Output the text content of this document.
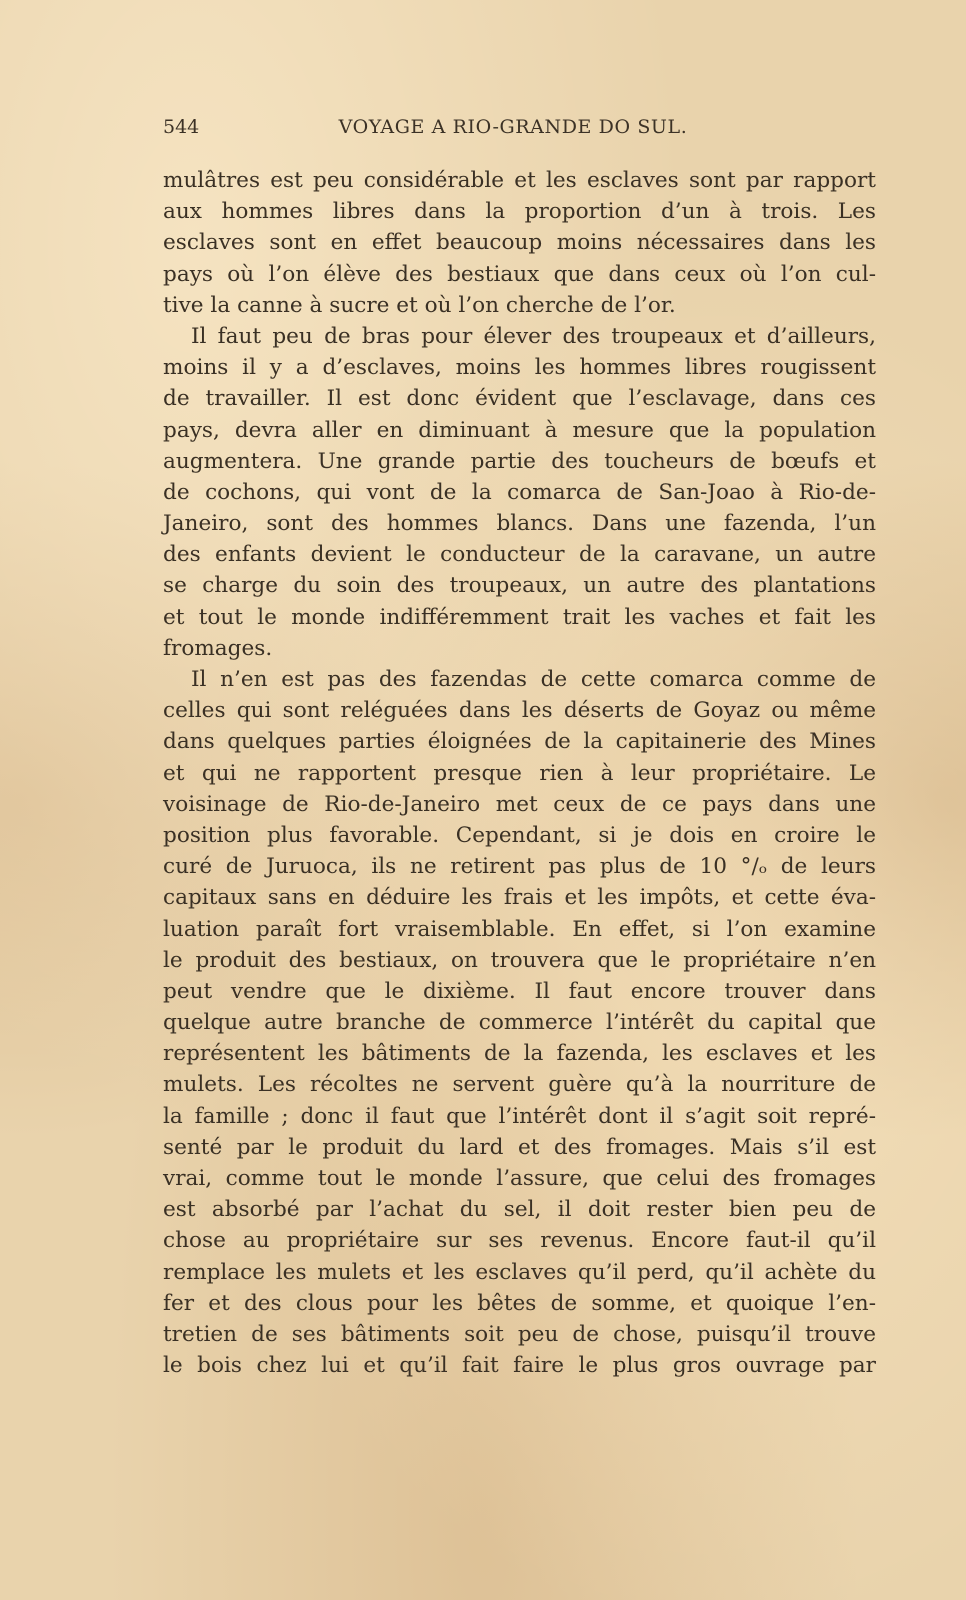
544	VOYAGE A RIO-GRANDE DO SUL.
mulâtres est peu considérable et les esclaves sont par rapport
aux hommes libres dans la proportion d’un à trois. Les
esclaves sont en effet beaucoup moins nécessaires dans les
pays où l’on élève des bestiaux que dans ceux où l’on cul-
tive la canne à sucre et où l’on cherche de l’or.
Il faut peu de bras pour élever des troupeaux et d’ailleurs,
moins il y a d’esclaves, moins les hommes libres rougissent
de travailler. Il est donc évident que l’esclavage, dans ces
pays, devra aller en diminuant à mesure que la population
augmentera. Une grande partie des toucheurs de bœufs et
de cochons, qui vont de la comarca de San-Joao à Rio-de-
Janeiro, sont des hommes blancs. Dans une fazenda, l’un
des enfants devient le conducteur de la caravane, un autre
se charge du soin des troupeaux, un autre des plantations
et tout le monde indifféremment trait les vaches et fait les
fromages.
Il n’en est pas des fazendas de cette comarca comme de
celles qui sont reléguées dans les déserts de Goyaz ou même
dans quelques parties éloignées de la capitainerie des Mines
et qui ne rapportent presque rien à leur propriétaire. Le
voisinage de Rio-de-Janeiro met ceux de ce pays dans une
position plus favorable. Cependant, si je dois en croire le
curé de Juruoca, ils ne retirent pas plus de 10 °/ₒ de leurs
capitaux sans en déduire les frais et les impôts, et cette éva-
luation paraît fort vraisemblable. En effet, si l’on examine
le produit des bestiaux, on trouvera que le propriétaire n’en
peut vendre que le dixième. Il faut encore trouver dans
quelque autre branche de commerce l’intérêt du capital que
représentent les bâtiments de la fazenda, les esclaves et les
mulets. Les récoltes ne servent guère qu’à la nourriture de
la famille ; donc il faut que l’intérêt dont il s’agit soit repré-
senté par le produit du lard et des fromages. Mais s’il est
vrai, comme tout le monde l’assure, que celui des fromages
est absorbé par l’achat du sel, il doit rester bien peu de
chose au propriétaire sur ses revenus. Encore faut-il qu’il
remplace les mulets et les esclaves qu’il perd, qu’il achète du
fer et des clous pour les bêtes de somme, et quoique l’en-
tretien de ses bâtiments soit peu de chose, puisqu’il trouve
le bois chez lui et qu’il fait faire le plus gros ouvrage par
